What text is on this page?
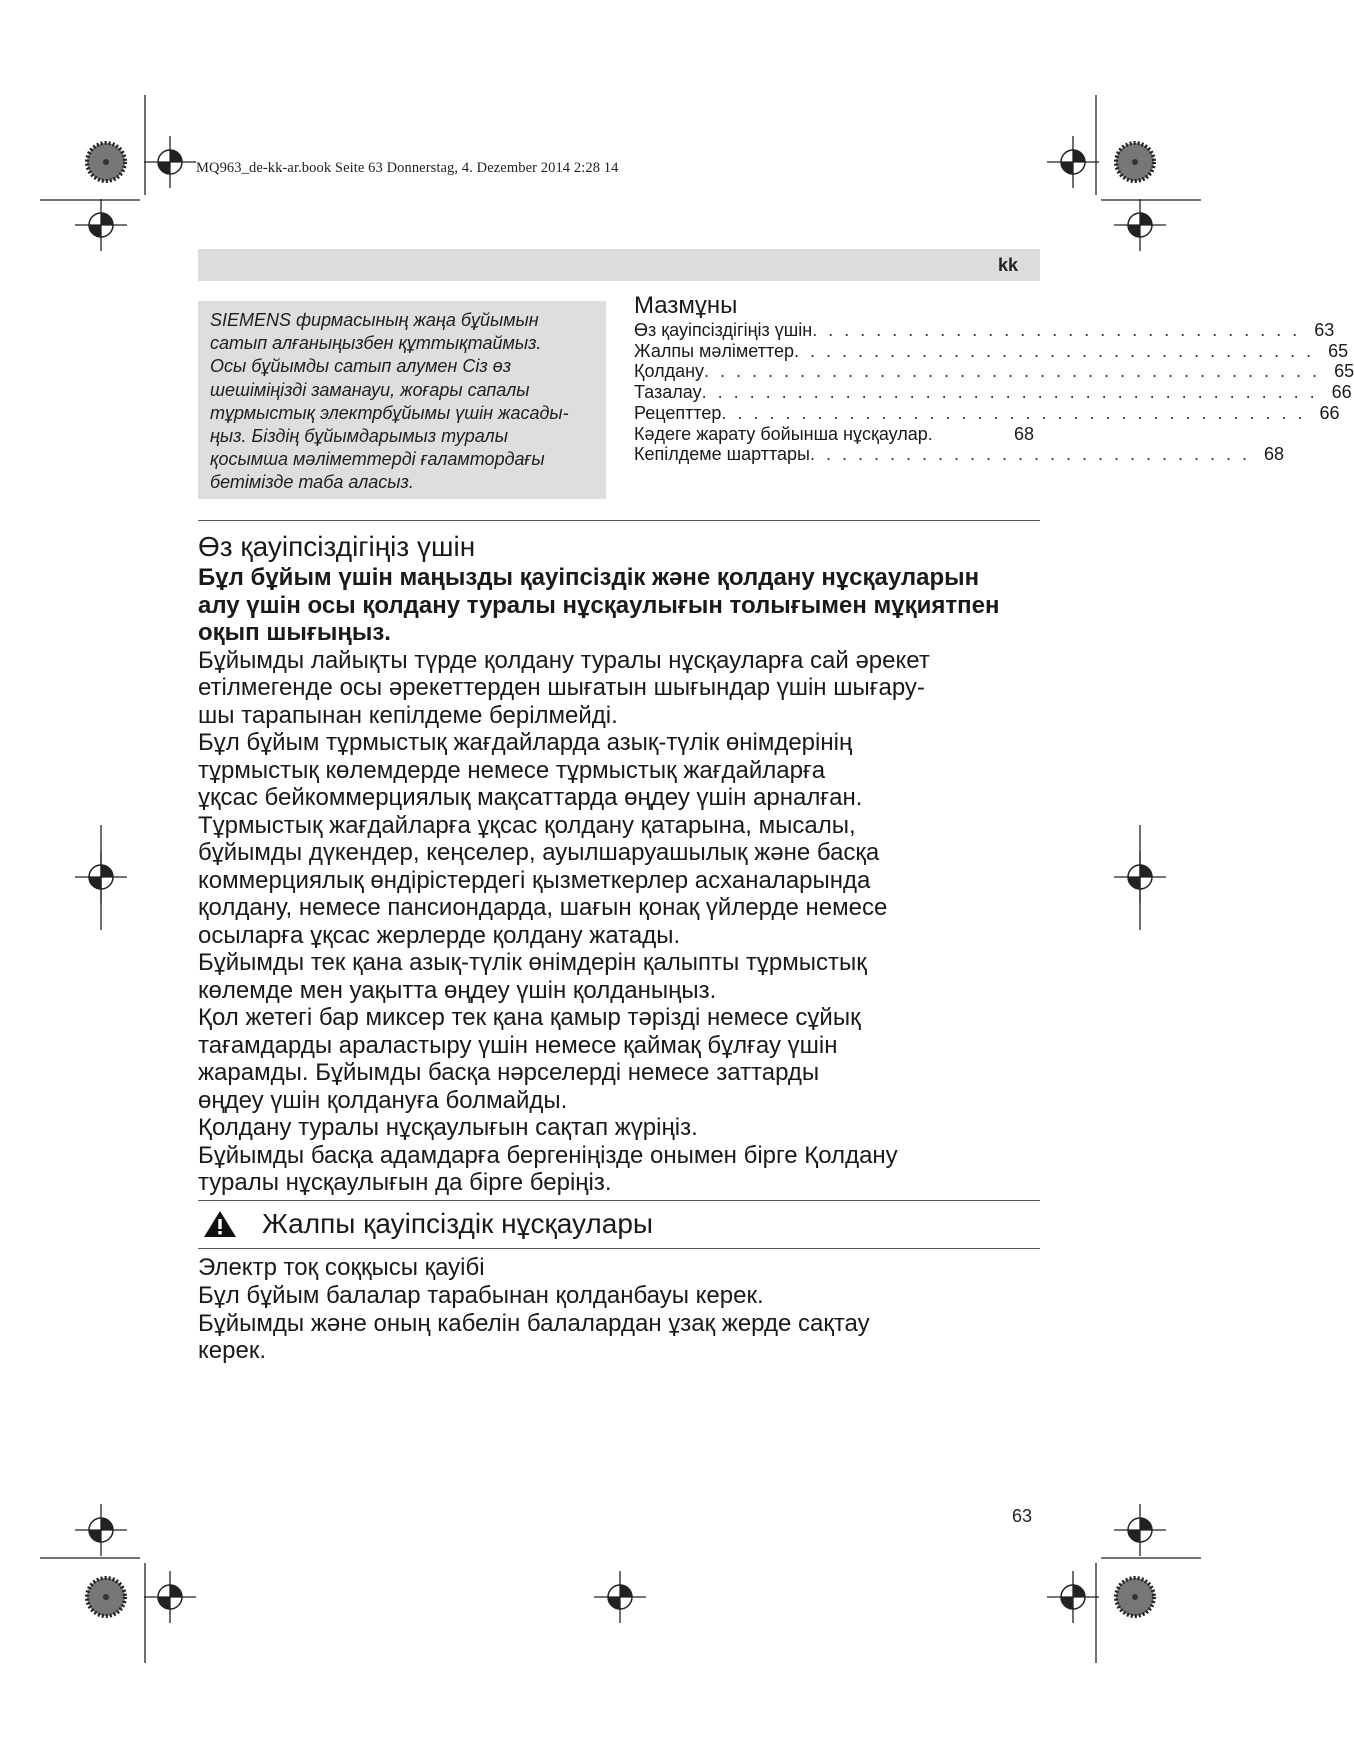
MQ963_de-kk-ar.book Seite 63 Donnerstag, 4. Dezember 2014 2:28 14
kk
SIEMENS фирмасының жаңа бұйымын
сатып алғаныңызбен құттықтаймыз.
Осы бұйымды сатып алумен Сіз өз
шешіміңізді заманауи, жоғары сапалы
тұрмыстық электрбұйымы үшін жасады-
ңыз. Біздің бұйымдарымыз туралы
қосымша мәліметтерді ғаламтордағы
бетімізде таба аласыз.
Мазмұны
Өз қауіпсіздігіңіз үшін . . . . . . . . . . . . . . . . . . . . . . . . . . . . . . . 63
Жалпы мәліметтер . . . . . . . . . . . . . . . . . . . . . . . . . . . . . . . . . 65
Қолдану . . . . . . . . . . . . . . . . . . . . . . . . . . . . . . . . . . . . . . . 65
Тазалау . . . . . . . . . . . . . . . . . . . . . . . . . . . . . . . . . . . . . . . 66
Рецепттер . . . . . . . . . . . . . . . . . . . . . . . . . . . . . . . . . . . . . 66
Кәдеге жарату бойынша нұсқаулар .	68
Кепілдеме шарттары . . . . . . . . . . . . . . . . . . . . . . . . . . . . 68
Өз қауіпсіздігіңіз үшін
Бұл бұйым үшін маңызды қауіпсіздік және қолдану нұсқауларын
алу үшін осы қолдану туралы нұсқаулығын толығымен мұқиятпен
оқып шығыңыз.
Бұйымды лайықты түрде қолдану туралы нұсқауларға сай әрекет
етілмегенде осы әрекеттерден шығатын шығындар үшін шығару-
шы тарапынан кепілдеме берілмейді.
Бұл бұйым тұрмыстық жағдайларда азық-түлік өнімдерінің
тұрмыстық көлемдерде немесе тұрмыстық жағдайларға
ұқсас бейкоммерциялық мақсаттарда өңдеу үшін арналған.
Тұрмыстық жағдайларға ұқсас қолдану қатарына, мысалы,
бұйымды дүкендер, кеңселер, ауылшаруашылық және басқа
коммерциялық өндірістердегі қызметкерлер асханаларында
қолдану, немесе пансиондарда, шағын қонақ үйлерде немесе
осыларға ұқсас жерлерде қолдану жатады.
Бұйымды тек қана азық-түлік өнімдерін қалыпты тұрмыстық
көлемде мен уақытта өңдеу үшін қолданыңыз.
Қол жетегі бар миксер тек қана қамыр тәрізді немесе сұйық
тағамдарды араластыру үшін немесе қаймақ бұлғау үшін
жарамды. Бұйымды басқа нәрселерді немесе заттарды
өңдеу үшін қолдануға болмайды.
Қолдану туралы нұсқаулығын сақтап жүріңіз.
Бұйымды басқа адамдарға бергеніңізде онымен бірге Қолдану
туралы нұсқаулығын да бірге беріңіз.
Жалпы қауіпсіздік нұсқаулары
Электр тоқ соққысы қауібі
Бұл бұйым балалар тарабынан қолданбауы керек.
Бұйымды және оның кабелін балалардан ұзақ жерде сақтау
керек.
63
